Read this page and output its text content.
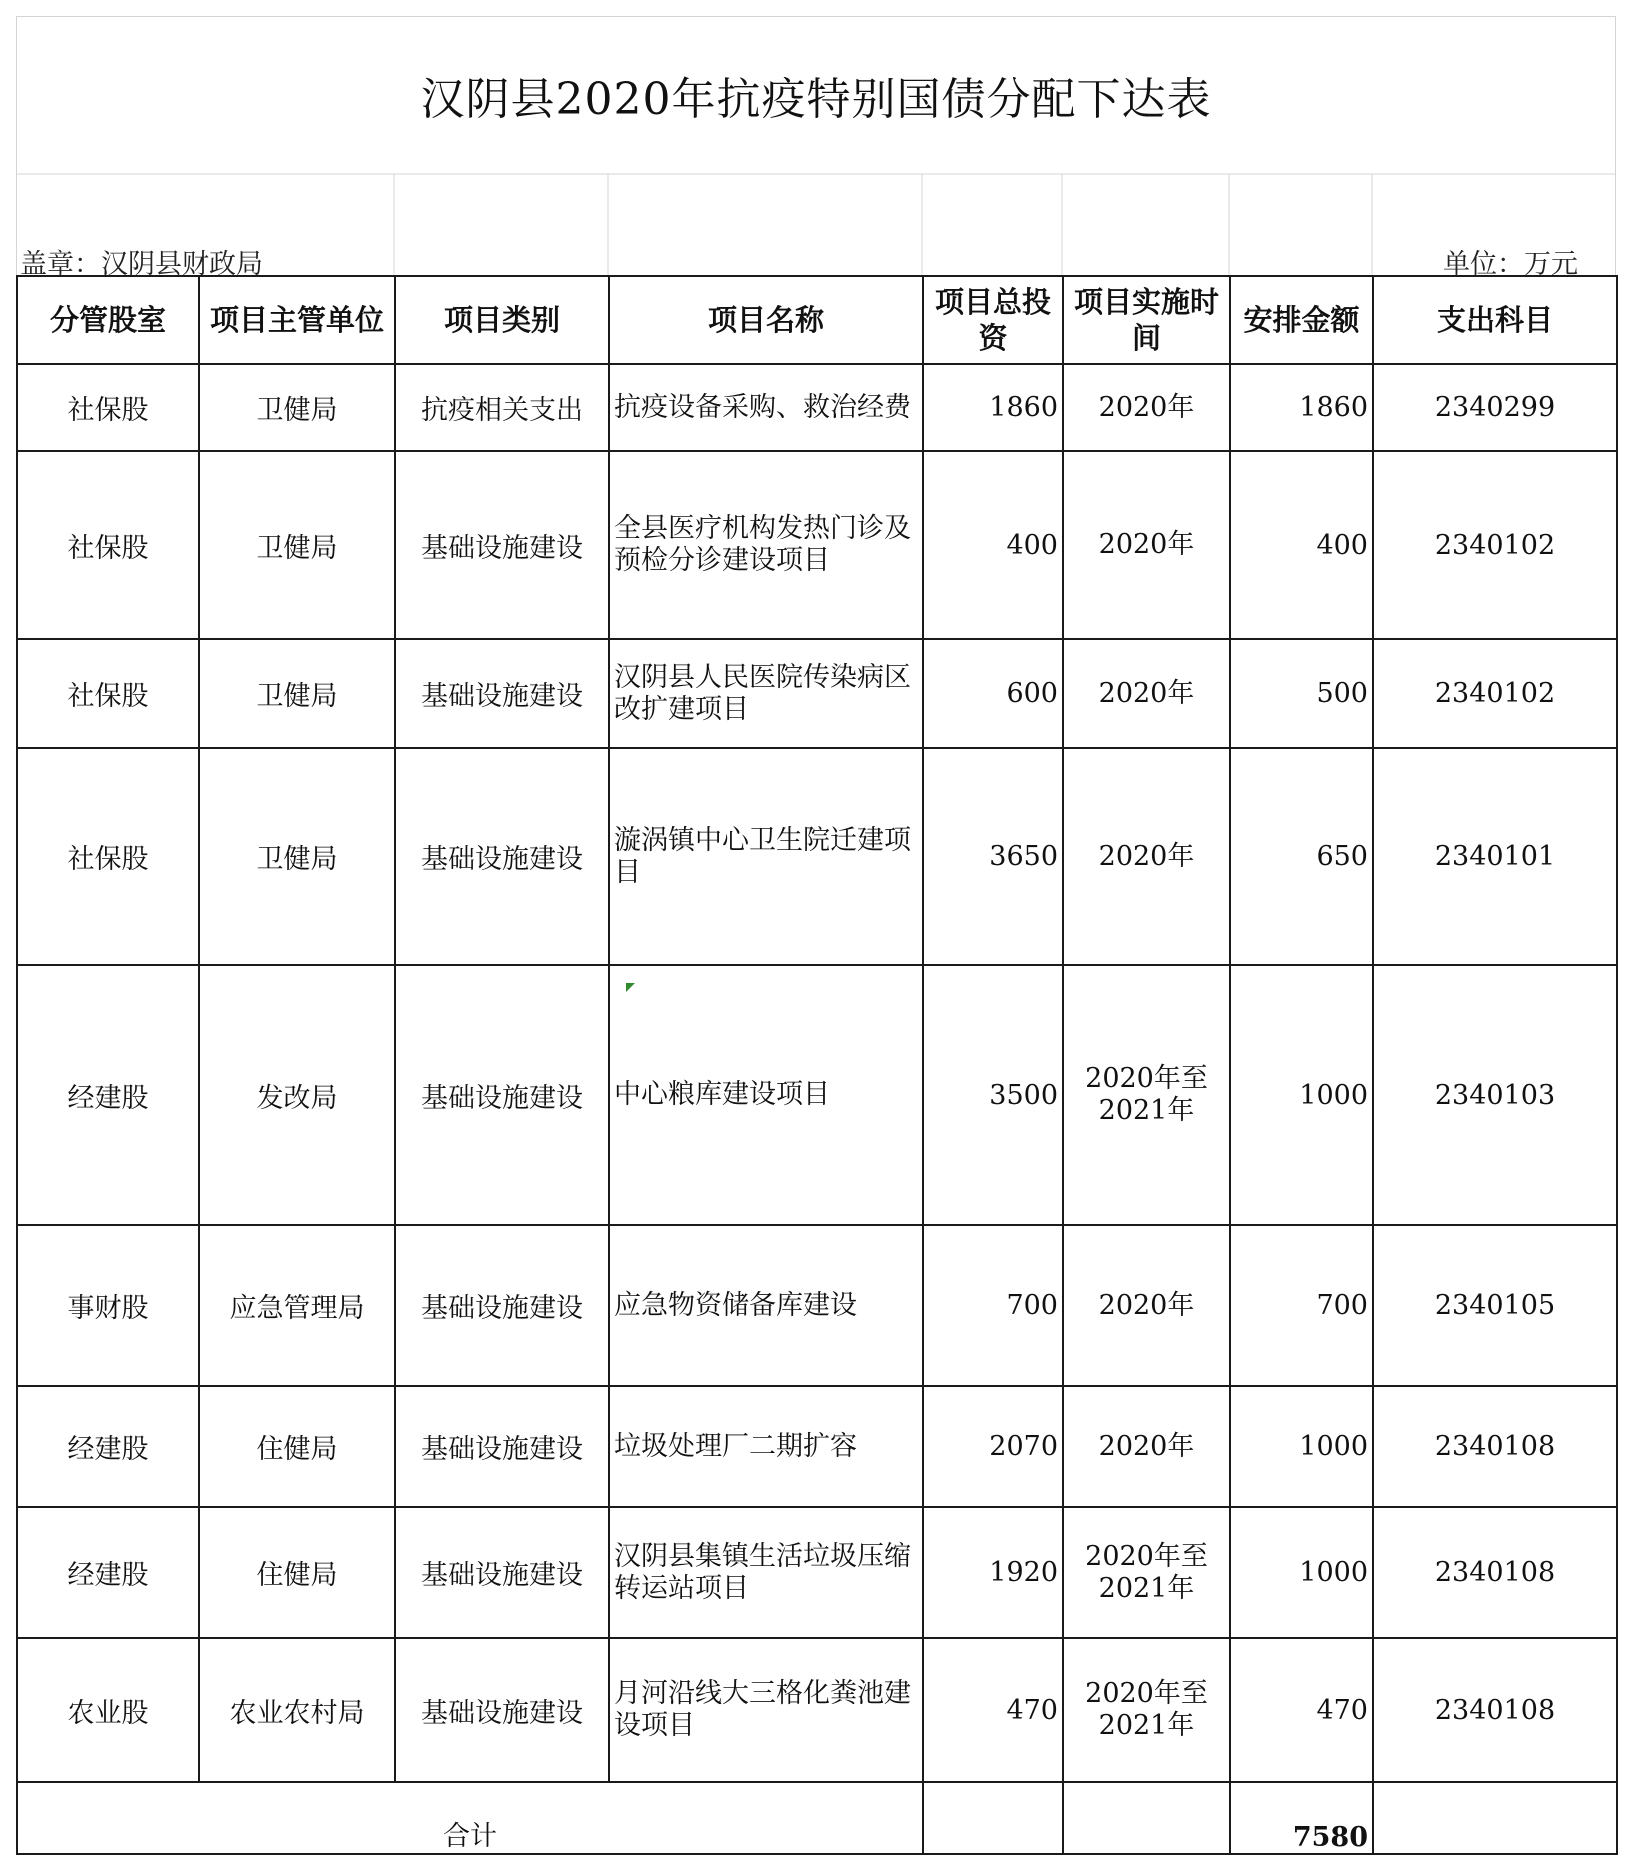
汉阴县2020年抗疫特别国债分配下达表
盖章：汉阴县财政局	单位：万元
分管股室	项目主管单位	项目类别	项目名称	项目总投资	项目实施时间	安排金额	支出科目
社保股	卫健局	抗疫相关支出	抗疫设备采购、救治经费	1860	2020年	1860	2340299
社保股	卫健局	基础设施建设	全县医疗机构发热门诊及预检分诊建设项目	400	2020年	400	2340102
社保股	卫健局	基础设施建设	汉阴县人民医院传染病区改扩建项目	600	2020年	500	2340102
社保股	卫健局	基础设施建设	漩涡镇中心卫生院迁建项目	3650	2020年	650	2340101
经建股	发改局	基础设施建设	中心粮库建设项目	3500	2020年至2021年	1000	2340103
事财股	应急管理局	基础设施建设	应急物资储备库建设	700	2020年	700	2340105
经建股	住健局	基础设施建设	垃圾处理厂二期扩容	2070	2020年	1000	2340108
经建股	住健局	基础设施建设	汉阴县集镇生活垃圾压缩转运站项目	1920	2020年至2021年	1000	2340108
农业股	农业农村局	基础设施建设	月河沿线大三格化粪池建设项目	470	2020年至2021年	470	2340108
合计						7580	
